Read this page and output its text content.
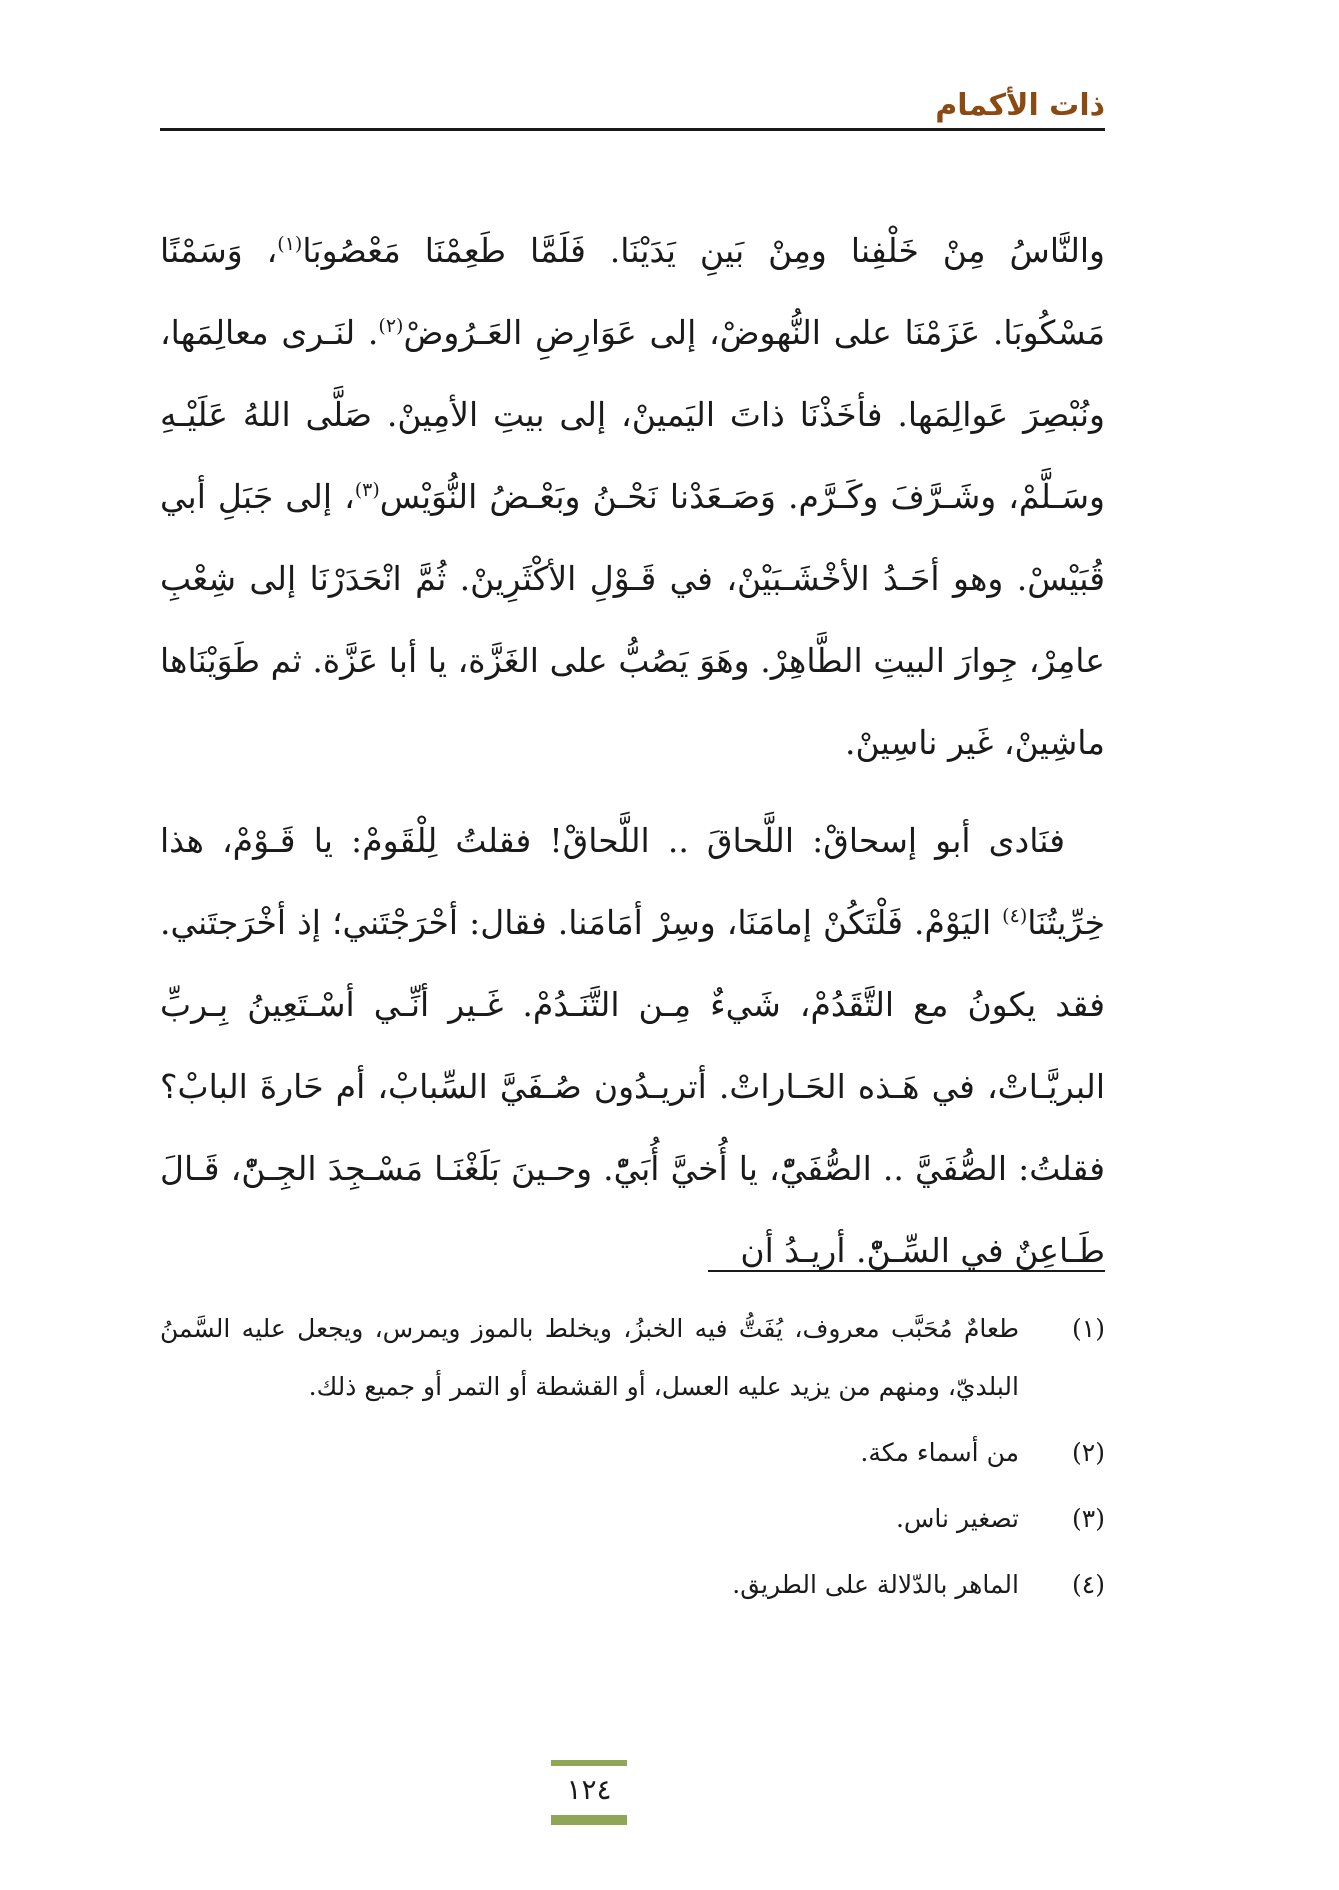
ذات الأكمام

والنَّاسُ مِنْ خَلْفِنا ومِنْ بَينِ يَدَيْنَا. فَلَمَّا طَعِمْنَا مَعْصُوبَا$^{(١)}$، وَسَمْنًا مَسْكُوبَا. عَزَمْنَا على النُّهوضْ، إلى عَوَارِضِ العَـرُوضْ$^{(٢)}$. لنَـرى معالِمَها، ونُبْصِرَ عَوالِمَها. فأخَذْنَا ذاتَ اليَمينْ، إلى بيتِ الأمِينْ. صَلَّى اللهُ عَلَيْـهِ وسَـلَّمْ، وشَـرَّفَ وكَـرَّم. وَصَـعَدْنا نَحْـنُ وبَعْـضُ النُّوَيْس$^{(٣)}$، إلى جَبَلِ أبي قُبَيْسْ. وهو أحَـدُ الأخْشَـبَيْنْ، في قَـوْلِ الأكْثَرِينْ. ثُمَّ انْحَدَرْنَا إلى شِعْبِ عامِرْ، جِوارَ البيتِ الطَّاهِرْ. وهَوَ يَصُبُّ على الغَزَّة، يا أبا عَزَّة. ثم طَوَيْنَاها ماشِينْ، غَير ناسِينْ.

فنَادى أبو إسحاقْ: اللَّحاقَ .. اللَّحاقْ! فقلتُ لِلْقَومْ: يا قَـوْمْ، هذا خِرِّيتُنَا$^{(٤)}$ اليَوْمْ. فَلْتَكُنْ إمامَنَا، وسِرْ أمَامَنا. فقال: أحْرَجْتَني؛ إذ أخْرَجتَني. فقد يكونُ مع التَّقَدُمْ، شَيءٌ مِـن التَّنَـدُمْ. غَـير أنِّـي أسْـتَعِينُ بِـربِّ البريَّـاتْ، في هَـذه الحَـاراتْ. أتريـدُون صُـفَيَّ السِّبابْ، أم حَارةَ البابْ؟ فقلتُ: الصُّفَيَّ .. الصُّفَيّْ، يا أُخيَّ أُبَيّْ. وحـينَ بَلَغْنَـا مَسْـجِدَ الجِـنّْ، قَـالَ طَـاعِنٌ في السِّـنّْ. أريـدُ أن

(١)
طعامٌ مُحَبَّب معروف، يُفَتُّ فيه الخبزُ، ويخلط بالموز ويمرس، ويجعل عليه السَّمنُ البلديّ، ومنهم من يزيد عليه العسل، أو القشطة أو التمر أو جميع ذلك.
(٢)
من أسماء مكة.
(٣)
تصغير ناس.
(٤)
الماهر بالدّلالة على الطريق.
١٢٤
